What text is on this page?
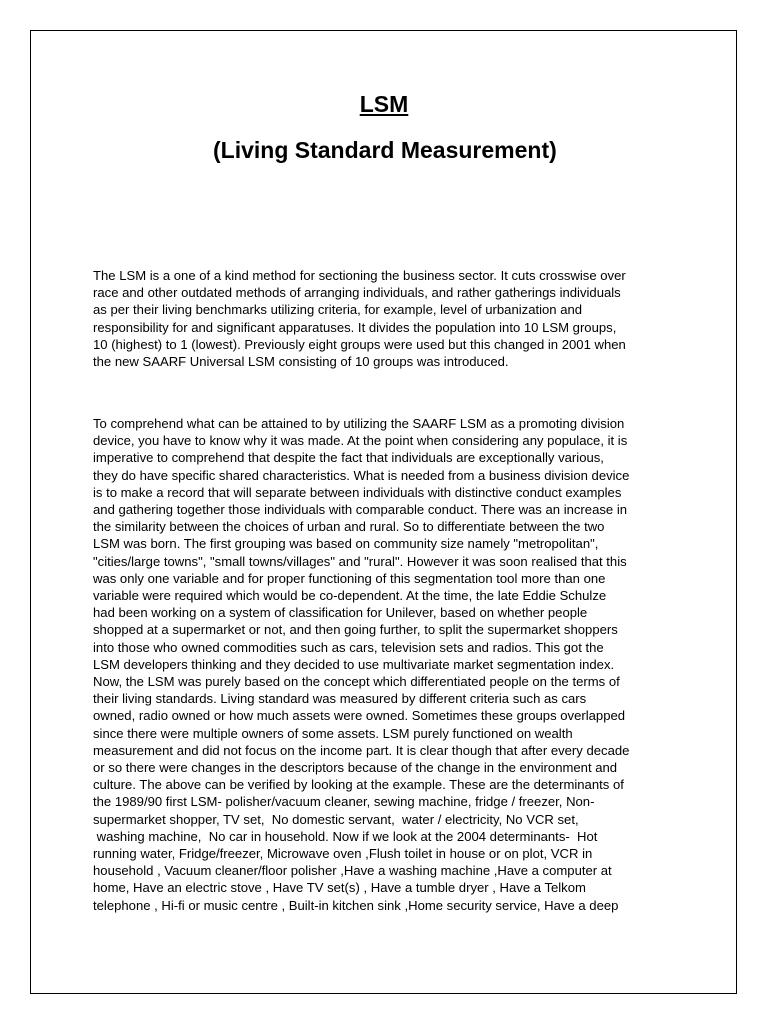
LSM
(Living Standard Measurement)
The LSM is a one of a kind method for sectioning the business sector. It cuts crosswise over
race and other outdated methods of arranging individuals, and rather gatherings individuals
as per their living benchmarks utilizing criteria, for example, level of urbanization and
responsibility for and significant apparatuses. It divides the population into 10 LSM groups,
10 (highest) to 1 (lowest). Previously eight groups were used but this changed in 2001 when
the new SAARF Universal LSM consisting of 10 groups was introduced.
To comprehend what can be attained to by utilizing the SAARF LSM as a promoting division
device, you have to know why it was made. At the point when considering any populace, it is
imperative to comprehend that despite the fact that individuals are exceptionally various,
they do have specific shared characteristics. What is needed from a business division device
is to make a record that will separate between individuals with distinctive conduct examples
and gathering together those individuals with comparable conduct. There was an increase in
the similarity between the choices of urban and rural. So to differentiate between the two
LSM was born. The first grouping was based on community size namely "metropolitan",
"cities/large towns", "small towns/villages" and "rural". However it was soon realised that this
was only one variable and for proper functioning of this segmentation tool more than one
variable were required which would be co-dependent. At the time, the late Eddie Schulze
had been working on a system of classification for Unilever, based on whether people
shopped at a supermarket or not, and then going further, to split the supermarket shoppers
into those who owned commodities such as cars, television sets and radios. This got the
LSM developers thinking and they decided to use multivariate market segmentation index.
Now, the LSM was purely based on the concept which differentiated people on the terms of
their living standards. Living standard was measured by different criteria such as cars
owned, radio owned or how much assets were owned. Sometimes these groups overlapped
since there were multiple owners of some assets. LSM purely functioned on wealth
measurement and did not focus on the income part. It is clear though that after every decade
or so there were changes in the descriptors because of the change in the environment and
culture. The above can be verified by looking at the example. These are the determinants of
the 1989/90 first LSM- polisher/vacuum cleaner, sewing machine, fridge / freezer, Non-
supermarket shopper, TV set,  No domestic servant,  water / electricity, No VCR set,
washing machine,  No car in household. Now if we look at the 2004 determinants-  Hot
running water, Fridge/freezer, Microwave oven ,Flush toilet in house or on plot, VCR in
household , Vacuum cleaner/floor polisher ,Have a washing machine ,Have a computer at
home, Have an electric stove , Have TV set(s) , Have a tumble dryer , Have a Telkom
telephone , Hi-fi or music centre , Built-in kitchen sink ,Home security service, Have a deep
